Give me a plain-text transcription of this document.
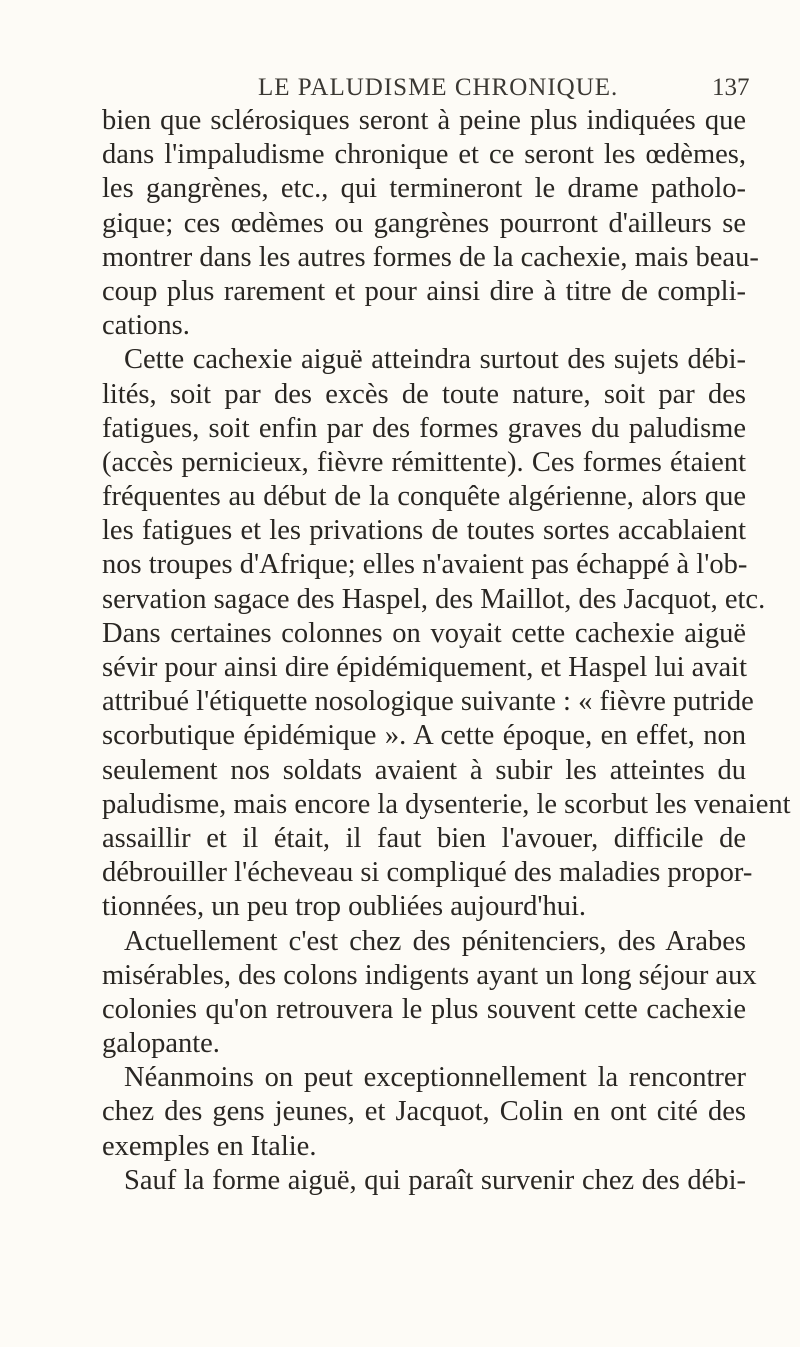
LE PALUDISME CHRONIQUE.	137
bien que sclérosiques seront à peine plus indiquées que
dans l'impaludisme chronique et ce seront les œdèmes,
les gangrènes, etc., qui termineront le drame patholo-
gique; ces œdèmes ou gangrènes pourront d'ailleurs se
montrer dans les autres formes de la cachexie, mais beau-
coup plus rarement et pour ainsi dire à titre de compli-
cations.
Cette cachexie aiguë atteindra surtout des sujets débi-
lités, soit par des excès de toute nature, soit par des
fatigues, soit enfin par des formes graves du paludisme
(accès pernicieux, fièvre rémittente). Ces formes étaient
fréquentes au début de la conquête algérienne, alors que
les fatigues et les privations de toutes sortes accablaient
nos troupes d'Afrique; elles n'avaient pas échappé à l'ob-
servation sagace des Haspel, des Maillot, des Jacquot, etc.
Dans certaines colonnes on voyait cette cachexie aiguë
sévir pour ainsi dire épidémiquement, et Haspel lui avait
attribué l'étiquette nosologique suivante : « fièvre putride
scorbutique épidémique ». A cette époque, en effet, non
seulement nos soldats avaient à subir les atteintes du
paludisme, mais encore la dysenterie, le scorbut les venaient
assaillir et il était, il faut bien l'avouer, difficile de
débrouiller l'écheveau si compliqué des maladies propor-
tionnées, un peu trop oubliées aujourd'hui.
Actuellement c'est chez des pénitenciers, des Arabes
misérables, des colons indigents ayant un long séjour aux
colonies qu'on retrouvera le plus souvent cette cachexie
galopante.
Néanmoins on peut exceptionnellement la rencontrer
chez des gens jeunes, et Jacquot, Colin en ont cité des
exemples en Italie.
Sauf la forme aiguë, qui paraît survenir chez des débi-
